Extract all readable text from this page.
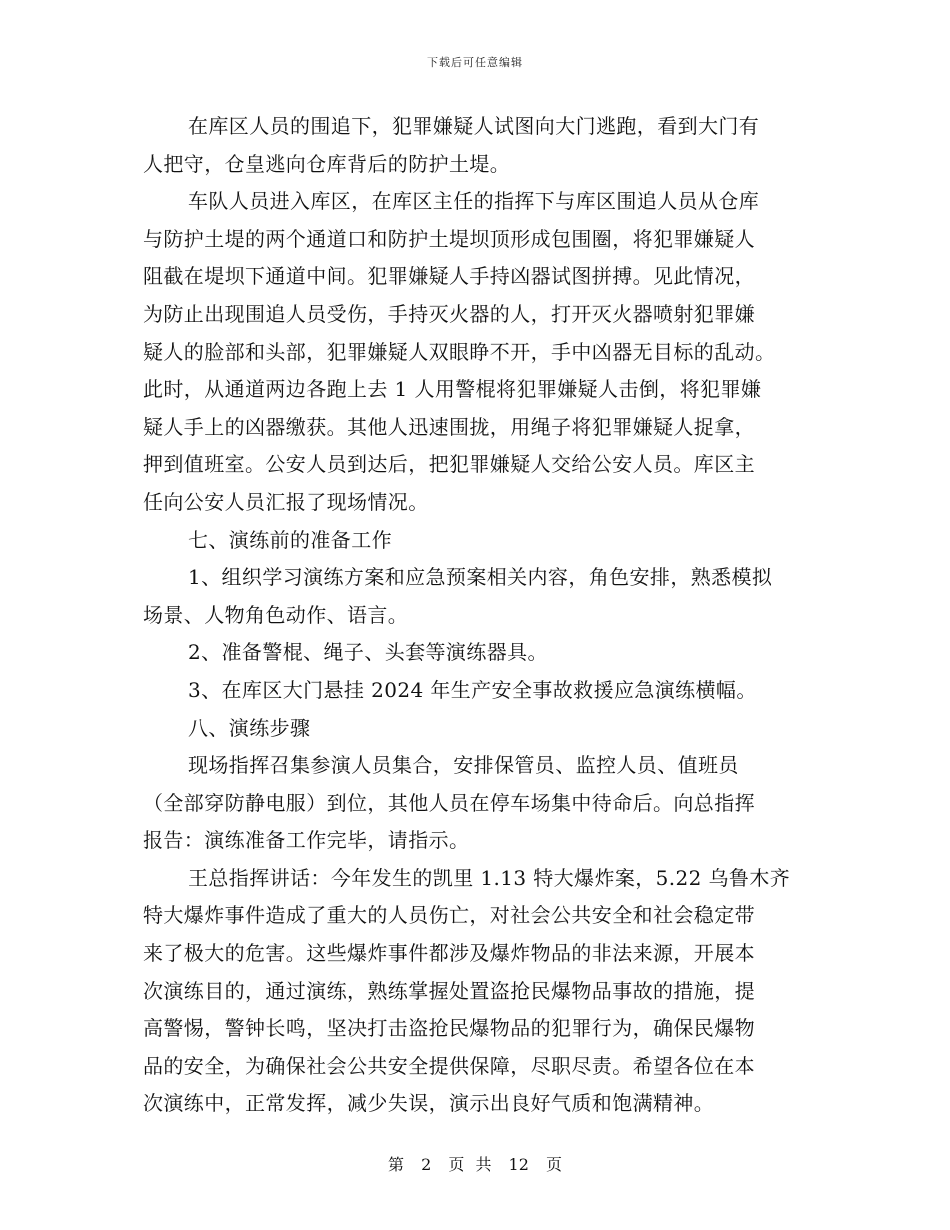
下载后可任意编辑
在库区人员的围追下，犯罪嫌疑人试图向大门逃跑，看到大门有
人把守，仓皇逃向仓库背后的防护土堤。
车队人员进入库区，在库区主任的指挥下与库区围追人员从仓库
与防护土堤的两个通道口和防护土堤坝顶形成包围圈，将犯罪嫌疑人
阻截在堤坝下通道中间。犯罪嫌疑人手持凶器试图拼搏。见此情况，
为防止出现围追人员受伤，手持灭火器的人，打开灭火器喷射犯罪嫌
疑人的脸部和头部，犯罪嫌疑人双眼睁不开，手中凶器无目标的乱动。
此时，从通道两边各跑上去 1 人用警棍将犯罪嫌疑人击倒，将犯罪嫌
疑人手上的凶器缴获。其他人迅速围拢，用绳子将犯罪嫌疑人捉拿，
押到值班室。公安人员到达后，把犯罪嫌疑人交给公安人员。库区主
任向公安人员汇报了现场情况。
七、演练前的准备工作
1、组织学习演练方案和应急预案相关内容，角色安排，熟悉模拟
场景、人物角色动作、语言。
2、准备警棍、绳子、头套等演练器具。
3、在库区大门悬挂 2024 年生产安全事故救援应急演练横幅。
八、演练步骤
现场指挥召集参演人员集合，安排保管员、监控人员、值班员
（全部穿防静电服）到位，其他人员在停车场集中待命后。向总指挥
报告：演练准备工作完毕，请指示。
王总指挥讲话：今年发生的凯里 1.13 特大爆炸案，5.22 乌鲁木齐
特大爆炸事件造成了重大的人员伤亡，对社会公共安全和社会稳定带
来了极大的危害。这些爆炸事件都涉及爆炸物品的非法来源，开展本
次演练目的，通过演练，熟练掌握处置盗抢民爆物品事故的措施，提
高警惕，警钟长鸣，坚决打击盗抢民爆物品的犯罪行为，确保民爆物
品的安全，为确保社会公共安全提供保障，尽职尽责。希望各位在本
次演练中，正常发挥，减少失误，演示出良好气质和饱满精神。
第 2 页 共 12 页
